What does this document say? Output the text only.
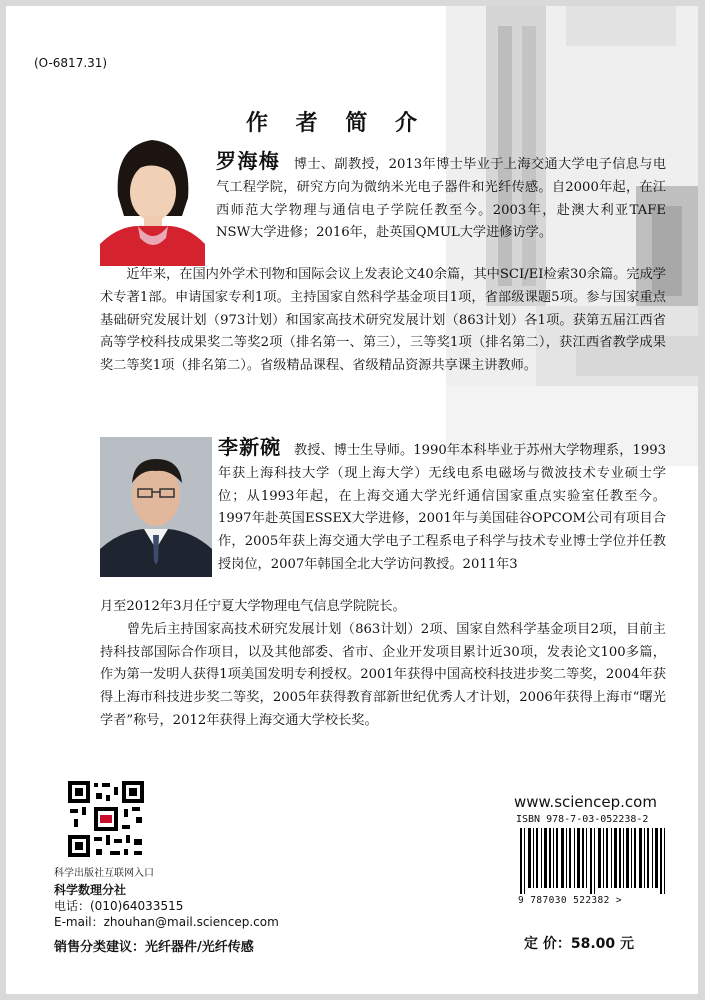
(O-6817.31)
作 者 简 介
罗海梅 博士、副教授，2013年博士毕业于上海交通大学电子信息与电气工程学院，研究方向为微纳米光电子器件和光纤传感。自2000年起，在江西师范大学物理与通信电子学院任教至今。2003年，赴澳大利亚TAFE NSW大学进修；2016年，赴英国QMUL大学进修访学。
近年来，在国内外学术刊物和国际会议上发表论文40余篇，其中SCI/EI检索30余篇。完成学术专著1部。申请国家专利1项。主持国家自然科学基金项目1项，省部级课题5项。参与国家重点基础研究发展计划（973计划）和国家高技术研究发展计划（863计划）各1项。获第五届江西省高等学校科技成果奖二等奖2项（排名第一、第三），三等奖1项（排名第二），获江西省教学成果奖二等奖1项（排名第二）。省级精品课程、省级精品资源共享课主讲教师。
李新碗 教授、博士生导师。1990年本科毕业于苏州大学物理系，1993年获上海科技大学（现上海大学）无线电系电磁场与微波技术专业硕士学位；从1993年起，在上海交通大学光纤通信国家重点实验室任教至今。1997年赴英国ESSEX大学进修，2001年与美国硅谷OPCOM公司有项目合作，2005年获上海交通大学电子工程系电子科学与技术专业博士学位并任教授岗位，2007年韩国全北大学访问教授。2011年3

月至2012年3月任宁夏大学物理电气信息学院院长。

　　曾先后主持国家高技术研究发展计划（863计划）2项、国家自然科学基金项目2项，目前主持科技部国际合作项目，以及其他部委、省市、企业开发项目累计近30项，发表论文100多篇，作为第一发明人获得1项美国发明专利授权。2001年获得中国高校科技进步奖二等奖，2004年获得上海市科技进步奖二等奖，2005年获得教育部新世纪优秀人才计划，2006年获得上海市“曙光学者”称号，2012年获得上海交通大学校长奖。

科学出版社互联网入口
科学数理分社
电话：(010)64033515
E-mail：zhouhan@mail.sciencep.com
销售分类建议：光纤器件/光纤传感
www.sciencep.com
ISBN 978-7-03-052238-2
9 787030 522382 >
定 价：58.00 元
